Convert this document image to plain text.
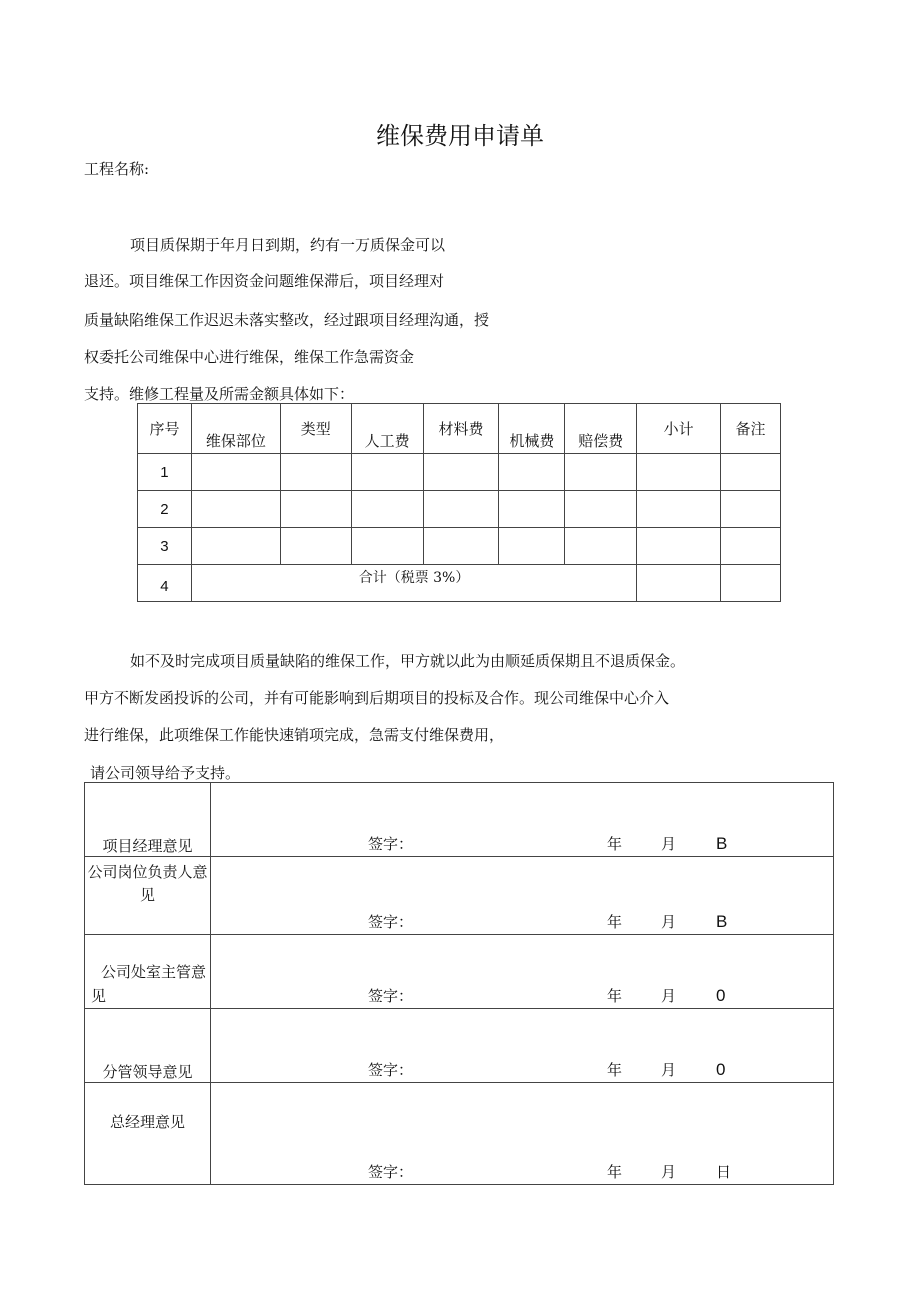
维保费用申请单
工程名称:
项目质保期于年月日到期，约有一万质保金可以
退还。项目维保工作因资金问题维保滞后，项目经理对
质量缺陷维保工作迟迟未落实整改，经过跟项目经理沟通，授
权委托公司维保中心进行维保，维保工作急需资金
支持。维修工程量及所需金额具体如下：
序号	维保部位	类型	人工费	材料费	机械费	赔偿费	小计	备注
1								
2								
3								
4	合计（税票 3%）							
如不及时完成项目质量缺陷的维保工作，甲方就以此为由顺延质保期且不退质保金。
甲方不断发函投诉的公司，并有可能影响到后期项目的投标及合作。现公司维保中心介入
进行维保，此项维保工作能快速销项完成，急需支付维保费用，
请公司领导给予支持。
项目经理意见	签字： 年 月 B

公司岗位负责人意见	签字： 年 月 B

公司处室主管意见	签字： 年 月 0

分管领导意见	签字： 年 月 0

总经理意见	签字： 年 月 日
